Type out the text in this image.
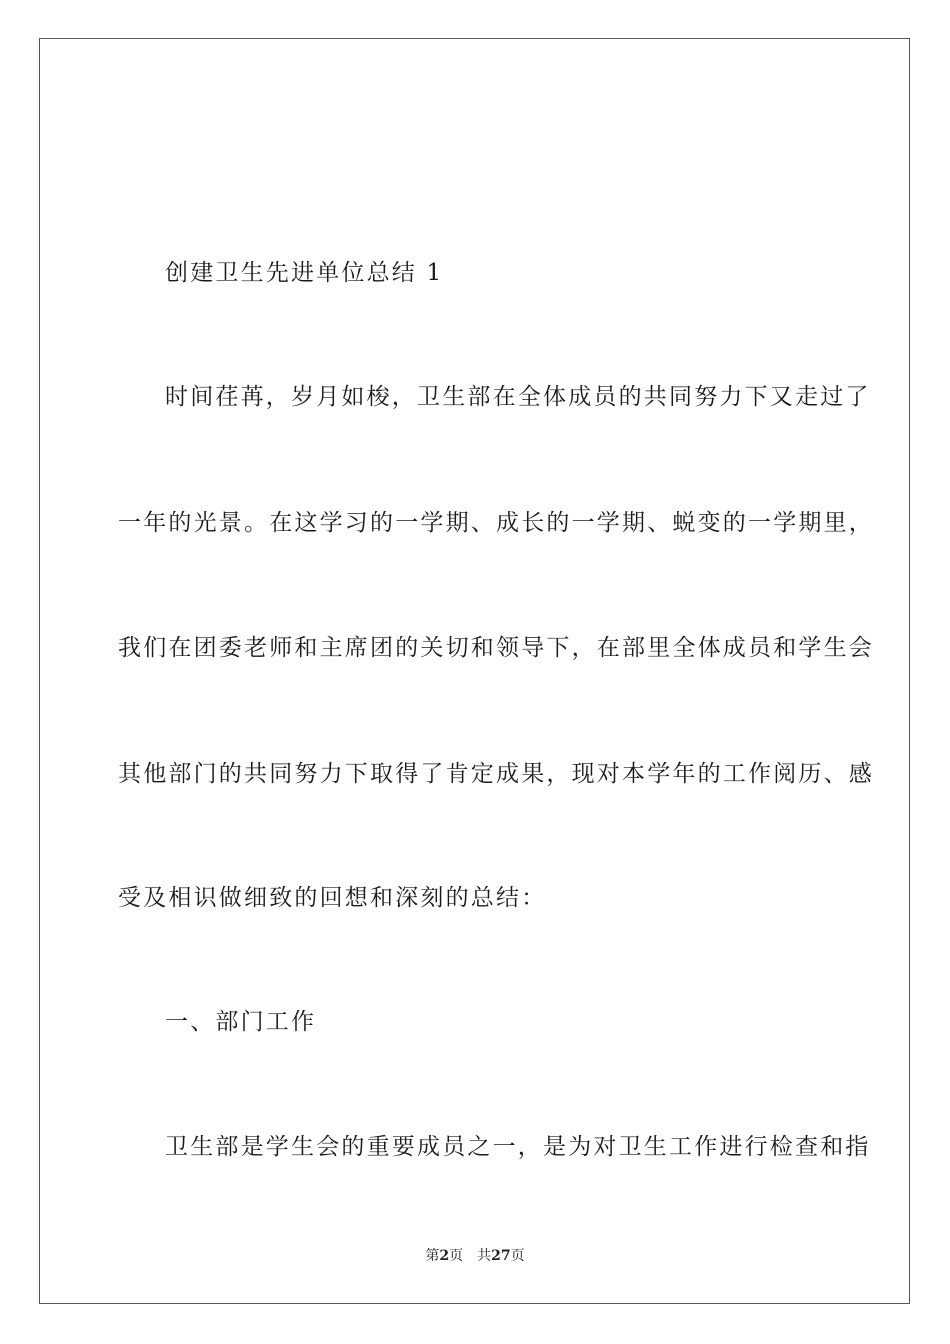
创建卫生先进单位总结 1
时间荏苒，岁月如梭，卫生部在全体成员的共同努力下又走过了
一年的光景。在这学习的一学期、成长的一学期、蜕变的一学期里，
我们在团委老师和主席团的关切和领导下，在部里全体成员和学生会
其他部门的共同努力下取得了肯定成果，现对本学年的工作阅历、感
受及相识做细致的回想和深刻的总结：
一、部门工作
卫生部是学生会的重要成员之一，是为对卫生工作进行检查和指
第2页 共27页
